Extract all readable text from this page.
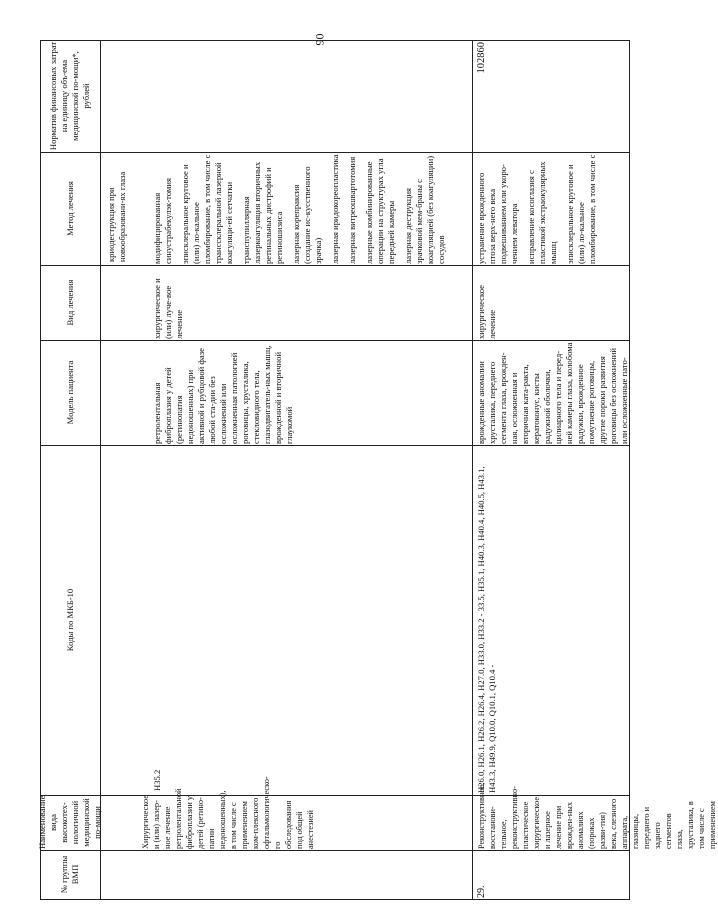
90
Норматив финансовых затрат на единицу объ-ема медицинской по-мощи*, рублей
Метод лечения
Вид лечения
Модель пациента
Коды по МКБ-10
Наименование вида высокотех-нологичной медицинской по-мощи
№ группы ВМП
криодеструкция при новообразовани-ях глаза
Хирургическое и (или) лазер-ное лечение ретролентальной фиброплазии у детей (ретино-патии недоношенных), в том числе с применением ком-плексного офтальмологическо-го обследования под общей анестезией
H35.2
ретролентальная фиброплазия у детей (ретинопатия недоношенных) при активной и рубцовой фазе любой ста-дии без осложнений или осложненная патологией роговицы, хрусталика, стекловидного тела, глазодвигатель-ных мышц, врожденной и вторичной глаукомой
хирургическое и (или) луче-вое лечение

модифицированная синустрабекулэк-томия эписклеральное круговое и (или) ло-кальное пломбирование, в том числе с транссклеральной лазерной коагуляци-ей сетчатки транспупиллярная лазеркоагуляция вторичных ретинальных дистрофий и ретиношизиса лазерная корепраксия (создание ис-кусственного зрачка) лазерная иридокореопластика лазерная витреошвартотомия лазерные комбинированные операции на структурах угла передней камеры лазерная деструкция зрачковой мем-браны с коагуляцией (без коагуляции) сосудов

29.
Реконструктивное, восстанови-тельное, реконструктивно-пластическое хирургическое и лазерное лечение при врожден-ных аномалиях (пороках разви-тия) века, слезного аппарата, глазницы, переднего и заднего сегментов глаза, хрусталика, в том числе с применением
H26.0, H26.1, H26.2, H26.4, H27.0, H33.0, H33.2 - 33.5, H35.1, H40.3, H40.4, H40.5, H43.1, H43.3, H49.9, Q10.0, Q10.1, Q10.4 -
врожденные аномалии хрусталика, переднего сегмента глаза, врожден-ная, осложненная и вторичная ката-ракта, кератоконус, кисты радужной оболочки, цилиарного тела и перед-ней камеры глаза, колобома радужки, врожденное помутнение роговицы, другие пороки развития роговицы без осложнений или осложненные пато-
хирургическое лечение

устранение врожденного птоза верх-него века подвешиванием или укоро-чением леватора исправление косоглазия с пластикой экстраокулярных мышц эписклеральное круговое и (или) ло-кальное пломбирование, в том числе с

102860
